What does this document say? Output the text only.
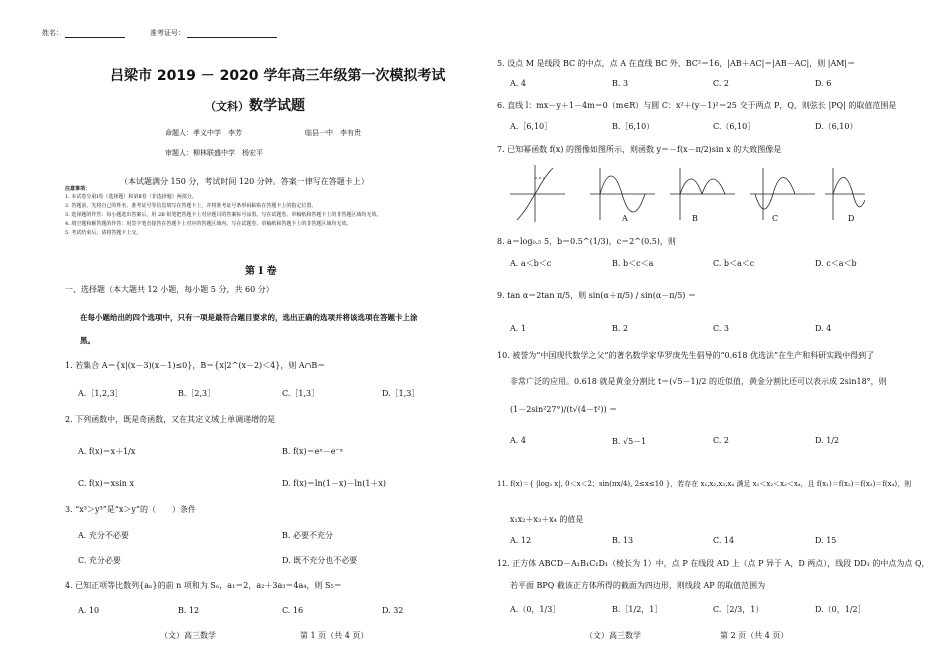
姓名：	准考证号：
吕梁市 2019 － 2020 学年高三年级第一次模拟考试
（文科）数学试题
命题人：孝义中学　李芳	临县一中　李有贵
审题人：柳林联盛中学　杨宏平
（本试题满分 150 分，考试时间 120 分钟。答案一律写在答题卡上）
注意事项：
1. 本试卷分第Ⅰ卷（选择题）和第Ⅱ卷（非选择题）两部分。
2. 答题前，先将自己的姓名、准考证号等信息填写在答题卡上，并将准考证号条形码粘贴在答题卡上的指定位置。
3. 选择题的作答：每小题选出答案后，用 2B 铅笔把答题卡上对应题目的答案标号涂黑。写在试题卷、草稿纸和答题卡上的非答题区域均无效。
4. 填空题和解答题的作答：用签字笔直接答在答题卡上对应的答题区域内。写在试题卷、草稿纸和答题卡上的非答题区域均无效。
5. 考试结束后，请将答题卡上交。
第 Ⅰ 卷
一、选择题（本大题共 12 小题，每小题 5 分，共 60 分）
在每小题给出的四个选项中，只有一项是最符合题目要求的，选出正确的选项并将该选项在答题卡上涂
黑。
1. 若集合 A＝{x|(x－3)(x－1)≤0}，B＝{x|2^(x－2)＜4}，则 A∩B＝
A.［1,2,3］	B.［2,3］	C.［1,3］	D.［1,3］
2. 下列函数中，既是奇函数，又在其定义域上单调递增的是
A. f(x)＝x＋1/x	B. f(x)＝eˣ－e⁻ˣ
C. f(x)＝xsin x	D. f(x)＝ln(1－x)－ln(1＋x)
3. “x³＞y³”是“x＞y”的（　　）条件
A. 充分不必要	B. 必要不充分
C. 充分必要	D. 既不充分也不必要
4. 已知正项等比数列{aₙ}的前 n 项和为 Sₙ，a₁＝2，a₂＋3a₃＝4a₄，则 S₅＝
A. 10	B. 12	C. 16	D. 32
（文）高三数学	第 1 页（共 4 页）
5. 设点 M 是线段 BC 的中点，点 A 在直线 BC 外，BC²＝16，|AB＋AC|＝|AB－AC|，则 |AM|＝
A. 4	B. 3	C. 2	D. 6
6. 直线 l：mx－y＋1－4m＝0（m∈R）与圆 C：x²＋(y－1)²＝25 交于两点 P，Q，则弦长 |PQ| 的取值范围是
A.［6,10］	B.［6,10）	C.（6,10］	D.（6,10）
7. 已知幂函数 f(x) 的图像如图所示，则函数 y＝－f(x－π/2)sin x 的大致图像是
A	B	C	D
8. a＝log₀.₅ 5，b＝0.5^(1/3)，c＝2^(0.5)，则
A. a＜b＜c	B. b＜c＜a	C. b＜a＜c	D. c＜a＜b
9. tan α＝2tan π/5，则 sin(α＋π/5) / sin(α－π/5) ＝
A. 1	B. 2	C. 3	D. 4
10. 被誉为“中国现代数学之父”的著名数学家华罗庚先生倡导的“0.618 优选法”在生产和科研实践中得到了
非常广泛的应用。0.618 就是黄金分割比 t＝(√5－1)/2 的近似值，黄金分割比还可以表示成 2sin18°，则
(1－2sin²27°)/(t√(4－t²)) ＝
A. 4	B. √5－1	C. 2	D. 1/2
11. f(x)＝{ |log₂ x|, 0＜x＜2；sin(πx/4), 2≤x≤10 }，若存在 x₁,x₂,x₃,x₄ 满足 x₁＜x₂＜x₃＜x₄，且 f(x₁)＝f(x₂)＝f(x₃)＝f(x₄)，则
x₁x₂＋x₃＋x₄ 的值是
A. 12	B. 13	C. 14	D. 15
12. 正方体 ABCD－A₁B₁C₁D₁（棱长为 1）中，点 P 在线段 AD 上（点 P 异于 A，D 两点），线段 DD₁ 的中点为点 Q，
若平面 BPQ 截该正方体所得的截面为四边形，则线段 AP 的取值范围为
A.（0，1/3］	B.［1/2，1］	C.［2/3，1）	D.（0，1/2］
（文）高三数学	第 2 页（共 4 页）
